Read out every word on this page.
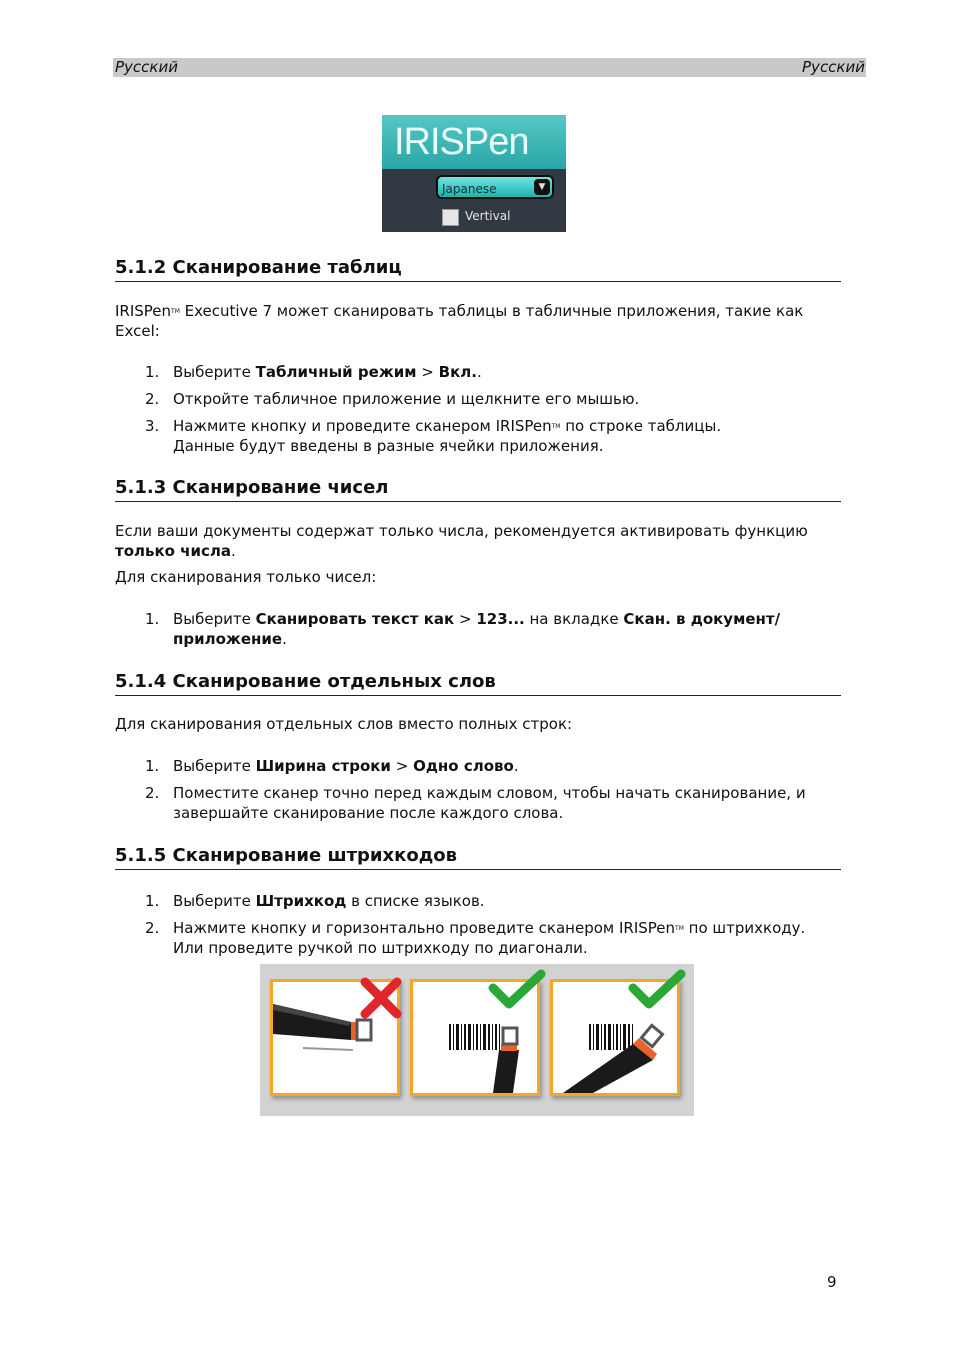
Русский	Русский
IRISPen
Japanese	▼
Vertival
5.1.2 Сканирование таблиц
IRISPen™ Executive 7 может сканировать таблицы в табличные приложения, такие как Excel:
1. Выберите Табличный режим > Вкл..
2. Откройте табличное приложение и щелкните его мышью.
3. Нажмите кнопку и проведите сканером IRISPen™ по строке таблицы.
Данные будут введены в разные ячейки приложения.
5.1.3 Сканирование чисел
Если ваши документы содержат только числа, рекомендуется активировать функцию только числа.
Для сканирования только чисел:
1. Выберите Сканировать текст как > 123... на вкладке Скан. в документ/приложение.
5.1.4 Сканирование отдельных слов
Для сканирования отдельных слов вместо полных строк:
1. Выберите Ширина строки > Одно слово.
2. Поместите сканер точно перед каждым словом, чтобы начать сканирование, и завершайте сканирование после каждого слова.
5.1.5 Сканирование штрихкодов
1. Выберите Штрихкод в списке языков.
2. Нажмите кнопку и горизонтально проведите сканером IRISPen™ по штрихкоду.
Или проведите ручкой по штрихкоду по диагонали.
9
